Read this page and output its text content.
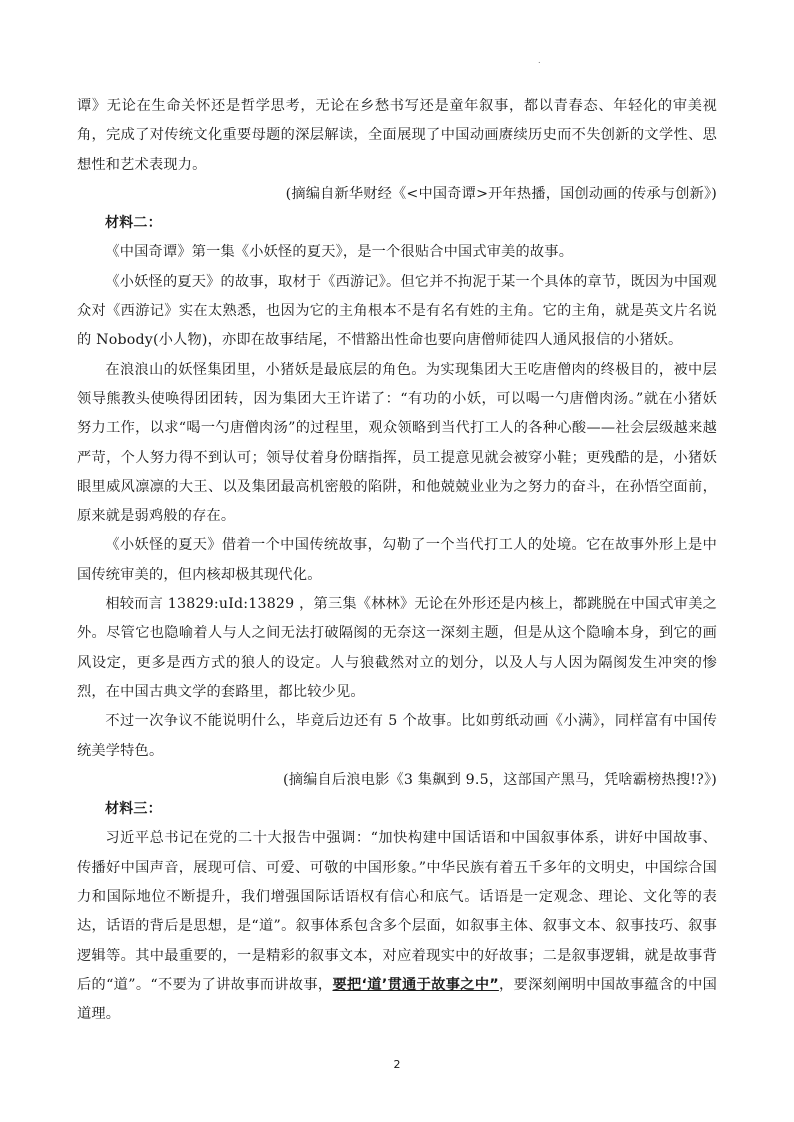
.

谭》无论在生命关怀还是哲学思考，无论在乡愁书写还是童年叙事，都以青春态、年轻化的审美视角，完成了对传统文化重要母题的深层解读，全面展现了中国动画赓续历史而不失创新的文学性、思想性和艺术表现力。

(摘编自新华财经《<中国奇谭>开年热播，国创动画的传承与创新》)

材料二：

《中国奇谭》第一集《小妖怪的夏天》，是一个很贴合中国式审美的故事。

《小妖怪的夏天》的故事，取材于《西游记》。但它并不拘泥于某一个具体的章节，既因为中国观众对《西游记》实在太熟悉，也因为它的主角根本不是有名有姓的主角。它的主角，就是英文片名说的 Nobody(小人物)，亦即在故事结尾，不惜豁出性命也要向唐僧师徒四人通风报信的小猪妖。

在浪浪山的妖怪集团里，小猪妖是最底层的角色。为实现集团大王吃唐僧肉的终极目的，被中层领导熊教头使唤得团团转，因为集团大王许诺了：“有功的小妖，可以喝一勺唐僧肉汤。”就在小猪妖努力工作，以求“喝一勺唐僧肉汤”的过程里，观众领略到当代打工人的各种心酸——社会层级越来越严苛，个人努力得不到认可；领导仗着身份瞎指挥，员工提意见就会被穿小鞋；更残酷的是，小猪妖眼里威风凛凛的大王、以及集团最高机密般的陷阱，和他兢兢业业为之努力的奋斗，在孙悟空面前，原来就是弱鸡般的存在。

《小妖怪的夏天》借着一个中国传统故事，勾勒了一个当代打工人的处境。它在故事外形上是中国传统审美的，但内核却极其现代化。

相较而言 13829:uId:13829 ，第三集《林林》无论在外形还是内核上，都跳脱在中国式审美之外。尽管它也隐喻着人与人之间无法打破隔阂的无奈这一深刻主题，但是从这个隐喻本身，到它的画风设定，更多是西方式的狼人的设定。人与狼截然对立的划分，以及人与人因为隔阂发生冲突的惨烈，在中国古典文学的套路里，都比较少见。

不过一次争议不能说明什么，毕竟后边还有 5 个故事。比如剪纸动画《小满》，同样富有中国传统美学特色。

(摘编自后浪电影《3 集飙到 9.5，这部国产黑马，凭啥霸榜热搜!?》)

材料三：

习近平总书记在党的二十大报告中强调：“加快构建中国话语和中国叙事体系，讲好中国故事、传播好中国声音，展现可信、可爱、可敬的中国形象。”中华民族有着五千多年的文明史，中国综合国力和国际地位不断提升，我们增强国际话语权有信心和底气。话语是一定观念、理论、文化等的表达，话语的背后是思想，是“道”。叙事体系包含多个层面，如叙事主体、叙事文本、叙事技巧、叙事逻辑等。其中最重要的，一是精彩的叙事文本，对应着现实中的好故事；二是叙事逻辑，就是故事背后的“道”。“不要为了讲故事而讲故事，要把‘道’贯通于故事之中”，要深刻阐明中国故事蕴含的中国道理。

2
